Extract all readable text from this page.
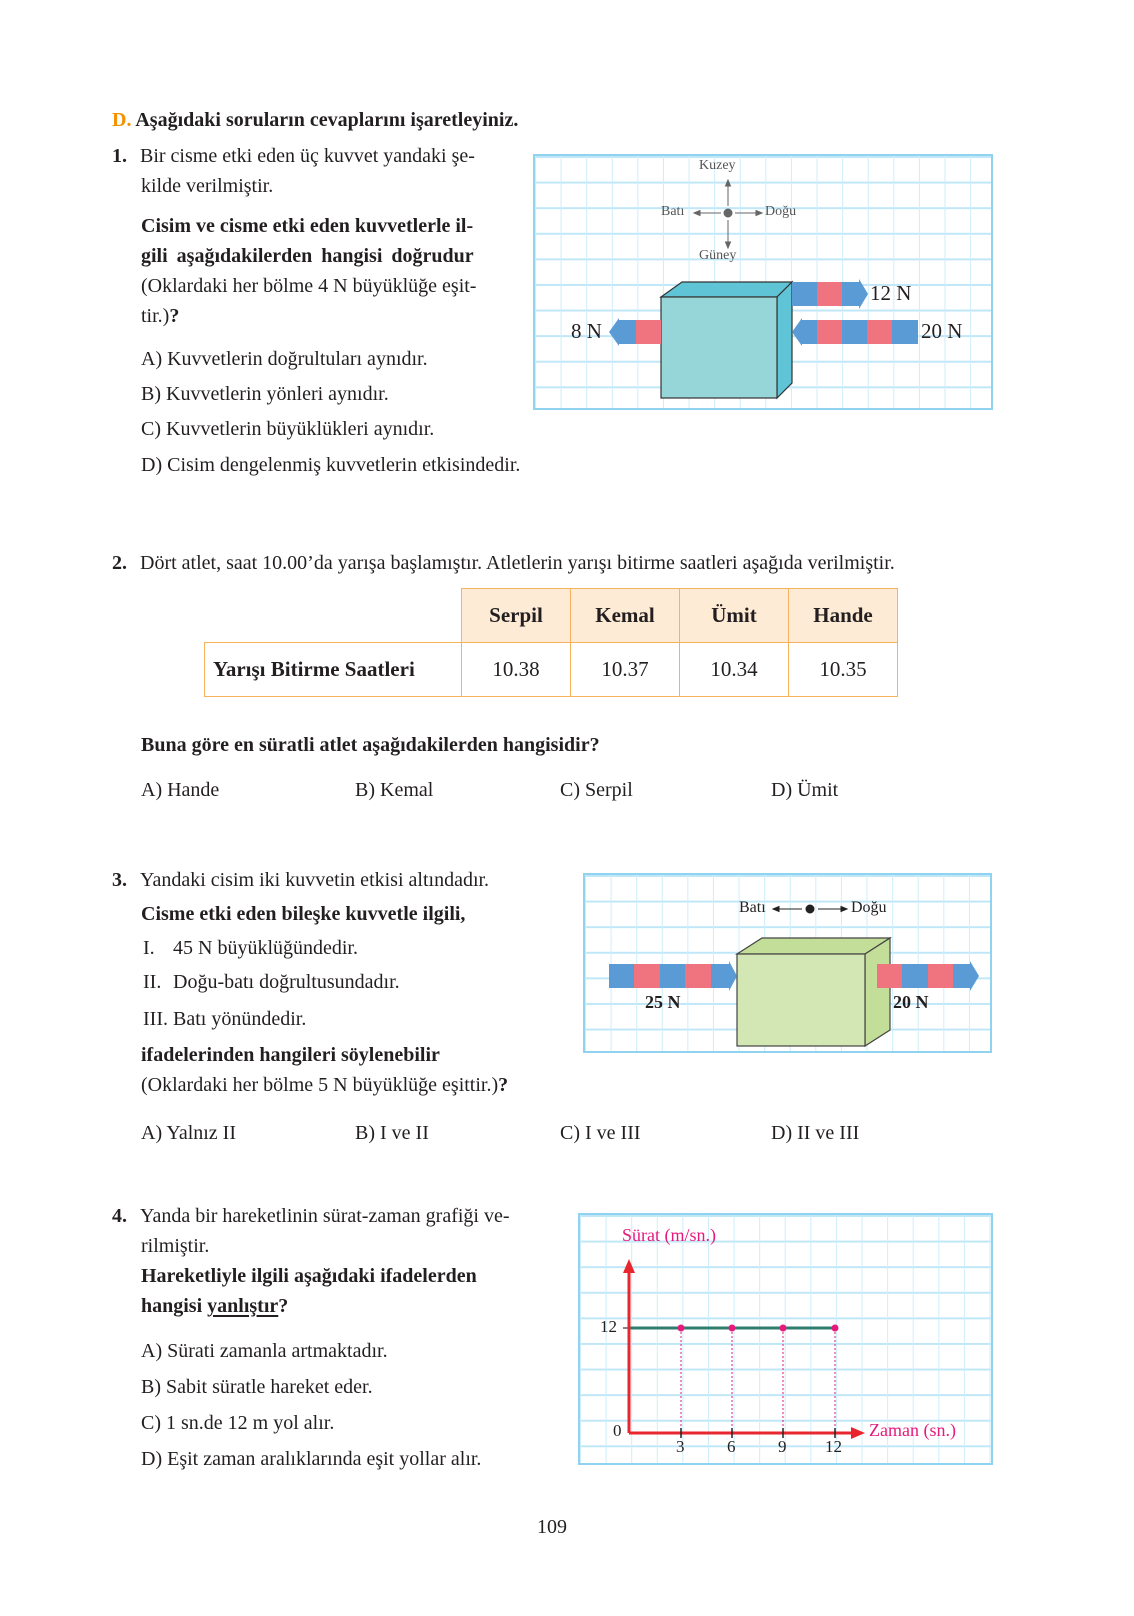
D. Aşağıdaki soruların cevaplarını işaretleyiniz.
1. Bir cisme etki eden üç kuvvet yandaki şe-
kilde verilmiştir.
Cisim ve cisme etki eden kuvvetlerle il-
gili aşağıdakilerden hangisi doğrudur
(Oklardaki her bölme 4 N büyüklüğe eşit-
tir.)?
A) Kuvvetlerin doğrultuları aynıdır.
B) Kuvvetlerin yönleri aynıdır.
C) Kuvvetlerin büyüklükleri aynıdır.
D) Cisim dengelenmiş kuvvetlerin etkisindedir.
Kuzey
Güney
Batı	Doğu
12 N
8 N	20 N
2. Dört atlet, saat 10.00’da yarışa başlamıştır. Atletlerin yarışı bitirme saatleri aşağıda verilmiştir.
	Serpil	Kemal	Ümit	Hande
Yarışı Bitirme Saatleri	10.38	10.37	10.34	10.35
Buna göre en süratli atlet aşağıdakilerden hangisidir?
A) Hande	B) Kemal	C) Serpil	D) Ümit
3. Yandaki cisim iki kuvvetin etkisi altındadır.
Cisme etki eden bileşke kuvvetle ilgili,
I. 45 N büyüklüğündedir.
II. Doğu-batı doğrultusundadır.
III. Batı yönündedir.
ifadelerinden hangileri söylenebilir
(Oklardaki her bölme 5 N büyüklüğe eşittir.)?
A) Yalnız II	B) I ve II	C) I ve III	D) II ve III
Batı	Doğu
25 N	20 N
4. Yanda bir hareketlinin sürat-zaman grafiği ve-
rilmiştir.
Hareketliyle ilgili aşağıdaki ifadelerden
hangisi yanlıştır?
A) Sürati zamanla artmaktadır.
B) Sabit süratle hareket eder.
C) 1 sn.de 12 m yol alır.
D) Eşit zaman aralıklarında eşit yollar alır.
Sürat (m/sn.)
Zaman (sn.)
12
0
3	6	9 12
109
